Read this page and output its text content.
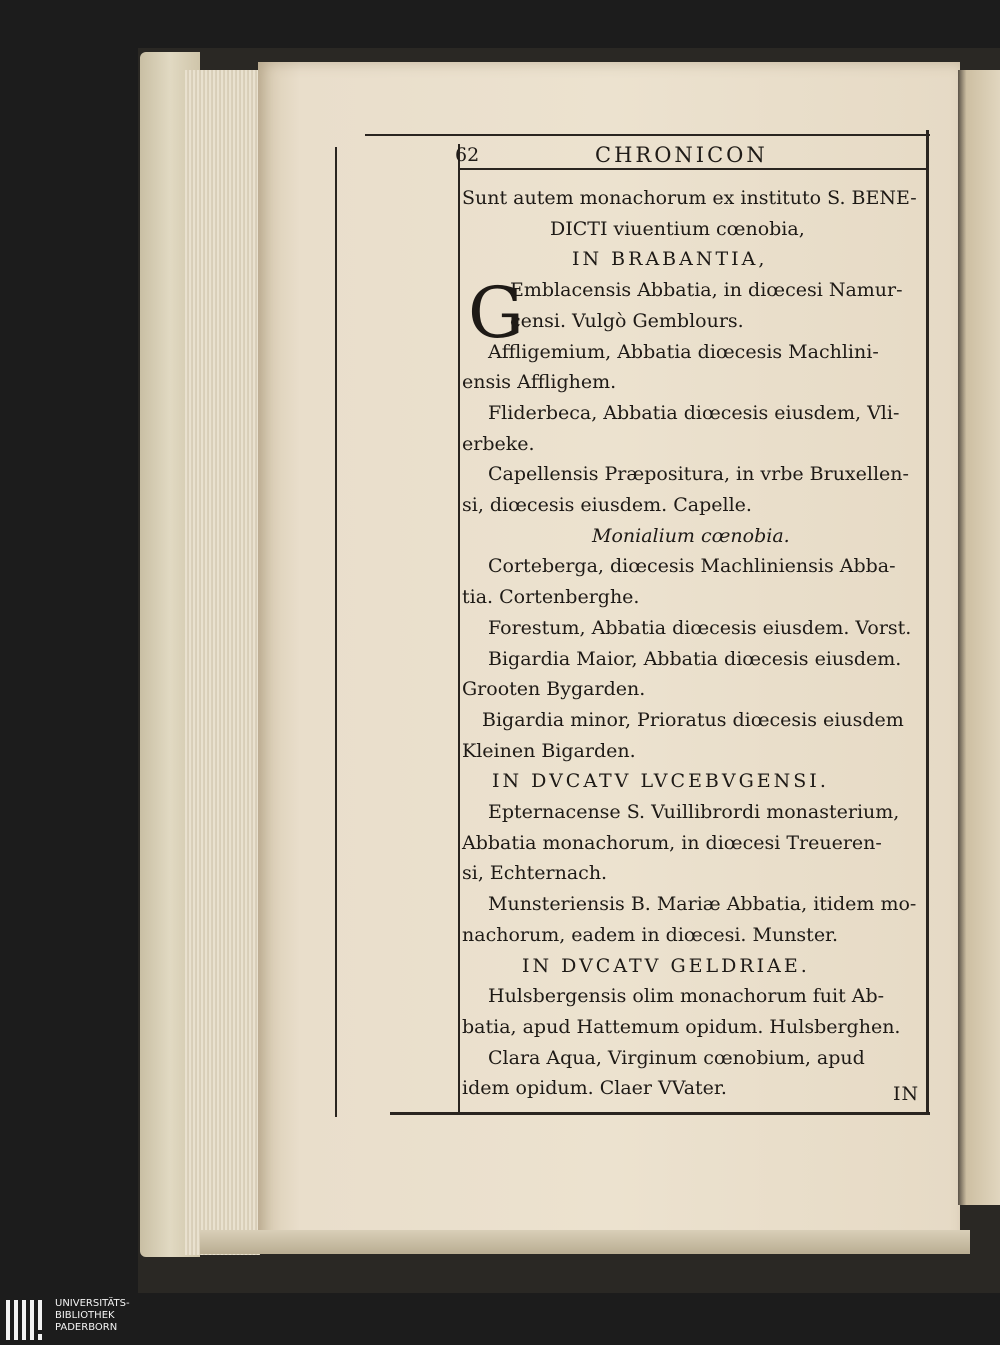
62	CHRONICON
G
Sunt autem monachorum ex instituto S. BENE-
DICTI viuentium cœnobia,
IN BRABANTIA,
Emblacensis Abbatia, in diœcesi Namur-
censi. Vulgò Gemblours.
Affligemium, Abbatia diœcesis Machlini-
ensis Afflighem.
Fliderbeca, Abbatia diœcesis eiusdem, Vli-
erbeke.
Capellensis Præpositura, in vrbe Bruxellen-
si, diœcesis eiusdem. Capelle.
Monialium cœnobia.
Corteberga, diœcesis Machliniensis Abba-
tia. Cortenberghe.
Forestum, Abbatia diœcesis eiusdem. Vorst.
Bigardia Maior, Abbatia diœcesis eiusdem.
Grooten Bygarden.
Bigardia minor, Prioratus diœcesis eiusdem
Kleinen Bigarden.
IN DVCATV LVCEBVGENSI.
Epternacense S. Vuillibrordi monasterium,
Abbatia monachorum, in diœcesi Treueren-
si, Echternach.
Munsteriensis B. Mariæ Abbatia, itidem mo-
nachorum, eadem in diœcesi. Munster.
IN DVCATV GELDRIAE.
Hulsbergensis olim monachorum fuit Ab-
batia, apud Hattemum opidum. Hulsberghen.
Clara Aqua, Virginum cœnobium, apud
idem opidum. Claer VVater.	IN
UNIVERSITÄTS-
BIBLIOTHEK
PADERBORN
